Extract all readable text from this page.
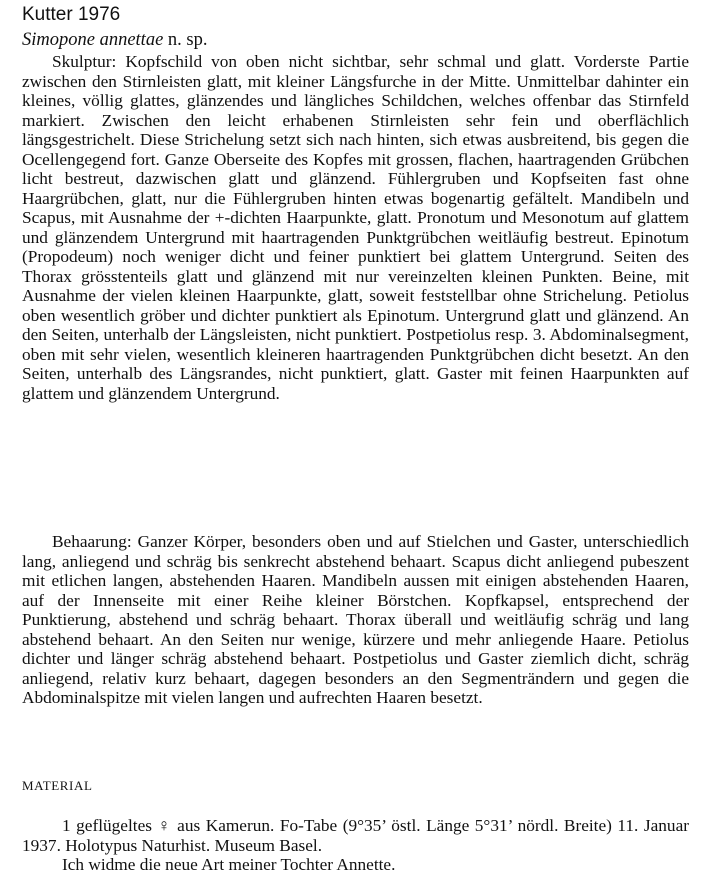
Kutter 1976
Simopone annettae n. sp.
Skulptur: Kopfschild von oben nicht sichtbar, sehr schmal und glatt. Vorderste Partie zwischen den Stirnleisten glatt, mit kleiner Längsfurche in der Mitte. Unmittelbar dahinter ein kleines, völlig glattes, glänzendes und längliches Schildchen, welches offenbar das Stirnfeld markiert. Zwischen den leicht erhabenen Stirnleisten sehr fein und oberflächlich längsgestrichelt. Diese Strichelung setzt sich nach hinten, sich etwas ausbreitend, bis gegen die Ocellengegend fort. Ganze Oberseite des Kopfes mit grossen, flachen, haartragenden Grübchen licht bestreut, dazwischen glatt und glänzend. Fühlergruben und Kopfseiten fast ohne Haargrübchen, glatt, nur die Fühlergruben hinten etwas bogenartig gefältelt. Mandibeln und Scapus, mit Ausnahme der +-dichten Haarpunkte, glatt. Pronotum und Mesonotum auf glattem und glänzendem Untergrund mit haartragenden Punktgrübchen weitläufig bestreut. Epinotum (Propodeum) noch weniger dicht und feiner punktiert bei glattem Untergrund. Seiten des Thorax grösstenteils glatt und glänzend mit nur vereinzelten kleinen Punkten. Beine, mit Ausnahme der vielen kleinen Haarpunkte, glatt, soweit feststellbar ohne Strichelung. Petiolus oben wesentlich gröber und dichter punktiert als Epinotum. Untergrund glatt und glänzend. An den Seiten, unterhalb der Längsleisten, nicht punktiert. Postpetiolus resp. 3. Abdominalsegment, oben mit sehr vielen, wesentlich kleineren haartragenden Punktgrübchen dicht besetzt. An den Seiten, unterhalb des Längsrandes, nicht punktiert, glatt. Gaster mit feinen Haarpunkten auf glattem und glänzendem Untergrund.
Behaarung: Ganzer Körper, besonders oben und auf Stielchen und Gaster, unterschiedlich lang, anliegend und schräg bis senkrecht abstehend behaart. Scapus dicht anliegend pubeszent mit etlichen langen, abstehenden Haaren. Mandibeln aussen mit einigen abstehenden Haaren, auf der Innenseite mit einer Reihe kleiner Börstchen. Kopfkapsel, entsprechend der Punktierung, abstehend und schräg behaart. Thorax überall und weitläufig schräg und lang abstehend behaart. An den Seiten nur wenige, kürzere und mehr anliegende Haare. Petiolus dichter und länger schräg abstehend behaart. Postpetiolus und Gaster ziemlich dicht, schräg anliegend, relativ kurz behaart, dagegen besonders an den Segmenträndern und gegen die Abdominalspitze mit vielen langen und aufrechten Haaren besetzt.
MATERIAL
1 geflügeltes ♀ aus Kamerun. Fo-Tabe (9°35’ östl. Länge 5°31’ nördl. Breite) 11. Januar 1937. Holotypus Naturhist. Museum Basel.
Ich widme die neue Art meiner Tochter Annette.
